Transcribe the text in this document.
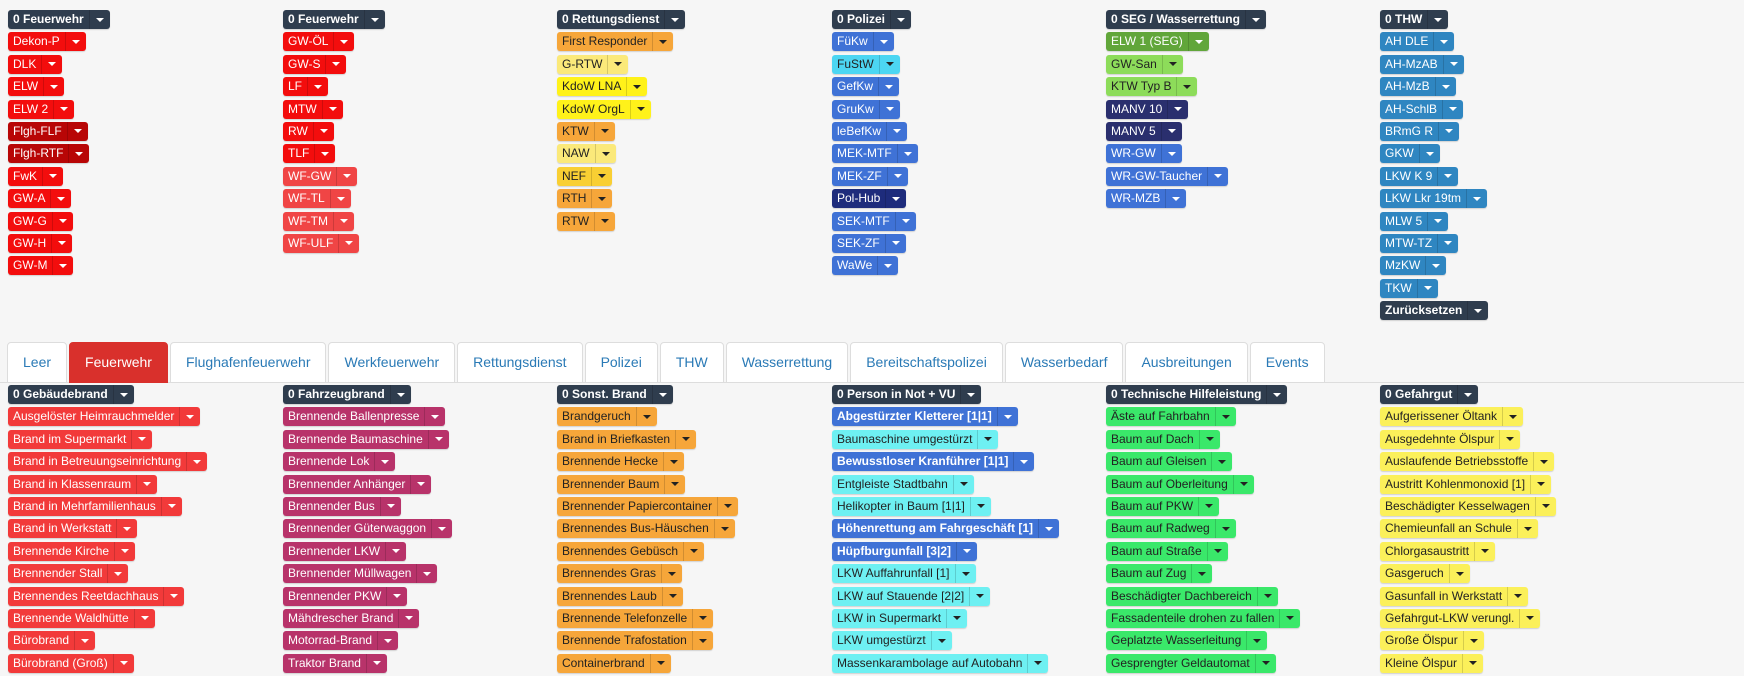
0 Feuerwehr
Dekon-P
DLK
ELW
ELW 2
Flgh-FLF
Flgh-RTF
FwK
GW-A
GW-G
GW-H
GW-M
0 Feuerwehr
GW-ÖL
GW-S
LF
MTW
RW
TLF
WF-GW
WF-TL
WF-TM
WF-ULF
0 Rettungsdienst
First Responder
G-RTW
KdoW LNA
KdoW OrgL
KTW
NAW
NEF
RTH
RTW
0 Polizei
FüKw
FuStW
GefKw
GruKw
leBefKw
MEK-MTF
MEK-ZF
Pol-Hub
SEK-MTF
SEK-ZF
WaWe
0 SEG / Wasserrettung
ELW 1 (SEG)
GW-San
KTW Typ B
MANV 10
MANV 5
WR-GW
WR-GW-Taucher
WR-MZB
0 THW
AH DLE
AH-MzAB
AH-MzB
AH-SchlB
BRmG R
GKW
LKW K 9
LKW Lkr 19tm
MLW 5
MTW-TZ
MzKW
TKW
Zurücksetzen
Leer	Feuerwehr	Flughafenfeuerwehr	Werkfeuerwehr	Rettungsdienst	Polizei	THW	Wasserrettung	Bereitschaftspolizei	Wasserbedarf	Ausbreitungen	Events
0 Gebäudebrand
Ausgelöster Heimrauchmelder
Brand im Supermarkt
Brand in Betreuungseinrichtung
Brand in Klassenraum
Brand in Mehrfamilienhaus
Brand in Werkstatt
Brennende Kirche
Brennender Stall
Brennendes Reetdachhaus
Brennende Waldhütte
Bürobrand
Bürobrand (Groß)
0 Fahrzeugbrand
Brennende Ballenpresse
Brennende Baumaschine
Brennende Lok
Brennender Anhänger
Brennender Bus
Brennender Güterwaggon
Brennender LKW
Brennender Müllwagen
Brennender PKW
Mähdrescher Brand
Motorrad-Brand
Traktor Brand
0 Sonst. Brand
Brandgeruch
Brand in Briefkasten
Brennende Hecke
Brennender Baum
Brennender Papiercontainer
Brennendes Bus-Häuschen
Brennendes Gebüsch
Brennendes Gras
Brennendes Laub
Brennende Telefonzelle
Brennende Trafostation
Containerbrand
0 Person in Not + VU
Abgestürzter Kletterer [1|1]
Baumaschine umgestürzt
Bewusstloser Kranführer [1|1]
Entgleiste Stadtbahn
Helikopter in Baum [1|1]
Höhenrettung am Fahrgeschäft [1]
Hüpfburgunfall [3|2]
LKW Auffahrunfall [1]
LKW auf Stauende [2|2]
LKW in Supermarkt
LKW umgestürzt
Massenkarambolage auf Autobahn
0 Technische Hilfeleistung
Äste auf Fahrbahn
Baum auf Dach
Baum auf Gleisen
Baum auf Oberleitung
Baum auf PKW
Baum auf Radweg
Baum auf Straße
Baum auf Zug
Beschädigter Dachbereich
Fassadenteile drohen zu fallen
Geplatzte Wasserleitung
Gesprengter Geldautomat
0 Gefahrgut
Aufgerissener Öltank
Ausgedehnte Ölspur
Auslaufende Betriebsstoffe
Austritt Kohlenmonoxid [1]
Beschädigter Kesselwagen
Chemieunfall an Schule
Chlorgasaustritt
Gasgeruch
Gasunfall in Werkstatt
Gefahrgut-LKW verungl.
Große Ölspur
Kleine Ölspur
